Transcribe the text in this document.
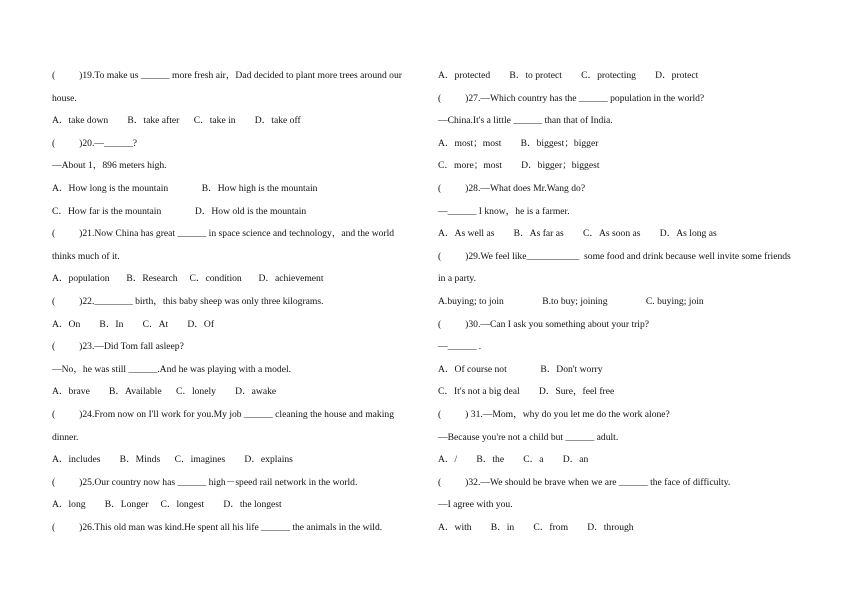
(          )19.To make us ______ more fresh air，Dad decided to plant more trees around our
house.
A．take down        B．take after      C．take in        D．take off
(          )20.—______?
—About 1，896 meters high.
A．How long is the mountain              B．How high is the mountain
C．How far is the mountain              D．How old is the mountain
(          )21.Now China has great ______ in space science and technology，and the world
thinks much of it.
A．population       B．Research     C．condition       D．achievement
(          )22.________ birth，this baby sheep was only three kilograms.
A．On        B．In        C．At        D．Of
(          )23.—Did Tom fall asleep?
—No，he was still ______.And he was playing with a model.
A．brave        B．Available      C．lonely        D．awake
(          )24.From now on I'll work for you.My job ______ cleaning the house and making
dinner.
A．includes        B．Minds      C．imagines        D．explains
(          )25.Our country now has ______ high－speed rail network in the world.
A．long        B．Longer     C．longest        D．the longest
(          )26.This old man was kind.He spent all his life ______ the animals in the wild.
A．protected        B．to protect        C．protecting        D．protect
(          )27.—Which country has the ______ population in the world?
—China.It's a little ______ than that of India.
A．most；most        B．biggest；bigger
C．more；most        D．bigger；biggest
(          )28.—What does Mr.Wang do?
—______ I know，he is a farmer.
A．As well as        B．As far as        C．As soon as        D．As long as
(          )29.We feel like___________  some food and drink because well invite some friends
in a party.
A.buying; to join                B.to buy; joining                C. buying; join
(          )30.—Can I ask you something about your trip?
—______ .
A．Of course not              B．Don't worry
C．It's not a big deal        D．Sure，feel free
(          ) 31.—Mom，why do you let me do the work alone?
—Because you're not a child but ______ adult.
A．/        B．the        C．a        D．an
(          )32.—We should be brave when we are ______ the face of difficulty.
—I agree with you.
A．with        B．in        C．from        D．through
